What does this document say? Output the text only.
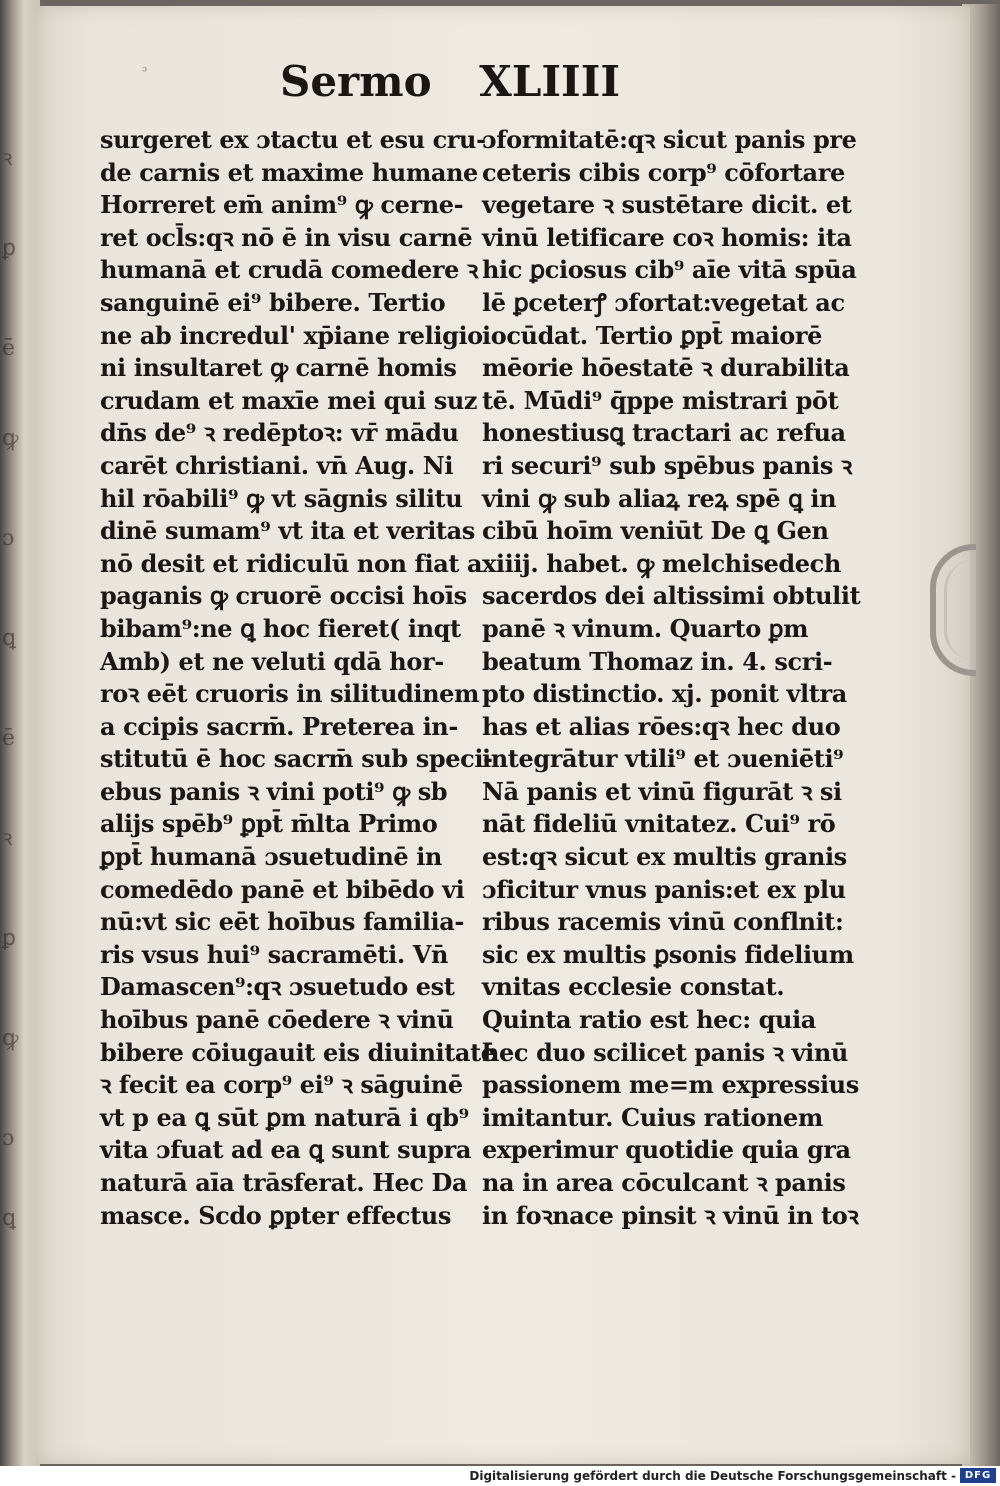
ꝛ
ꝑ
ē
ꝙ
ɔ
ꝗ
ē
ꝛ
ꝑ
ꝙ
ɔ
ꝗ
ᵓ	Sermo XLIIII
surgeret ex ɔtactu et esu cru-
de carnis et maxime humane
Horreret em̄ anim⁹ ꝙ cerne-
ret ocl̄s:qꝛ nō ē in visu carnē
humanā et crudā comedere ꝛ
sanguinē ei⁹ bibere. Tertio
ne ab incredul' xp̄iane religio
ni insultaret ꝙ carnē homis
crudam et maxīe mei qui suz
dn̄s de⁹ ꝛ redēptoꝛ: vr̄ mādu
carēt christiani. vn̄ Aug. Ni
hil rōabili⁹ ꝙ vt sāgnis silitu
dinē sumam⁹ vt ita et veritas
nō desit et ridiculū non fiat a
paganis ꝙ cruorē occisi hoīs
bibam⁹:ne ꝗ hoc fieret( inqt
Amb) et ne veluti qdā hor-
roꝛ eēt cruoris in silitudinem
a ccipis sacrm̄. Preterea in-
stitutū ē hoc sacrm̄ sub speci-
ebus panis ꝛ vini poti⁹ ꝙ sb
alijs spēb⁹ ꝑpt̄ m̄lta Primo
ꝑpt̄ humanā ɔsuetudinē in
comedēdo panē et bibēdo vi
nū:vt sic eēt hoībus familia-
ris vsus hui⁹ sacramēti. Vn̄
Damascen⁹:qꝛ ɔsuetudo est
hoībus panē cōedere ꝛ vinū
bibere cōiugauit eis diuinitatē
ꝛ fecit ea corp⁹ ei⁹ ꝛ sāguinē
vt p ea ꝗ sūt ꝑm naturā i qb⁹
vita ɔfuat ad ea ꝗ sunt supra
naturā aīa trāsferat. Hec Da
masce. Scdo ꝑpter effectus
ɔformitatē:qꝛ sicut panis pre
ceteris cibis corp⁹ cōfortare
vegetare ꝛ sustētare dicit. et
vinū letificare coꝛ homis: ita
hic ꝑciosus cib⁹ aīe vitā spūa
lē ꝑceterꝭ ɔfortat:vegetat ac
iocūdat. Tertio ꝑpt̄ maiorē
mēorie hōestatē ꝛ durabilita
tē. Mūdi⁹ q̄ppe mistrari pōt
honestiusꝗ tractari ac refua
ri securi⁹ sub spēbus panis ꝛ
vini ꝙ sub aliaꝝ reꝝ spē ꝗ in
cibū hoīm veniūt De ꝗ Gen
xiiij. habet. ꝙ melchisedech
sacerdos dei altissimi obtulit
panē ꝛ vinum. Quarto ꝑm
beatum Thomaz in. 4. scri-
pto distinctio. xj. ponit vltra
has et alias rōes:qꝛ hec duo
integrātur vtili⁹ et ɔueniēti⁹
Nā panis et vinū figurāt ꝛ si
nāt fideliū vnitatez. Cui⁹ rō
est:qꝛ sicut ex multis granis
ɔficitur vnus panis:et ex plu
ribus racemis vinū conflnit:
sic ex multis ꝑsonis fidelium
vnitas ecclesie constat.
Quinta ratio est hec: quia
hec duo scilicet panis ꝛ vinū
passionem me=m expressius
imitantur. Cuius rationem
experimur quotidie quia gra
na in area cōculcant ꝛ panis
in foꝛnace pinsit ꝛ vinū in toꝛ
Digitalisierung gefördert durch die Deutsche Forschungsgemeinschaft - DFG
